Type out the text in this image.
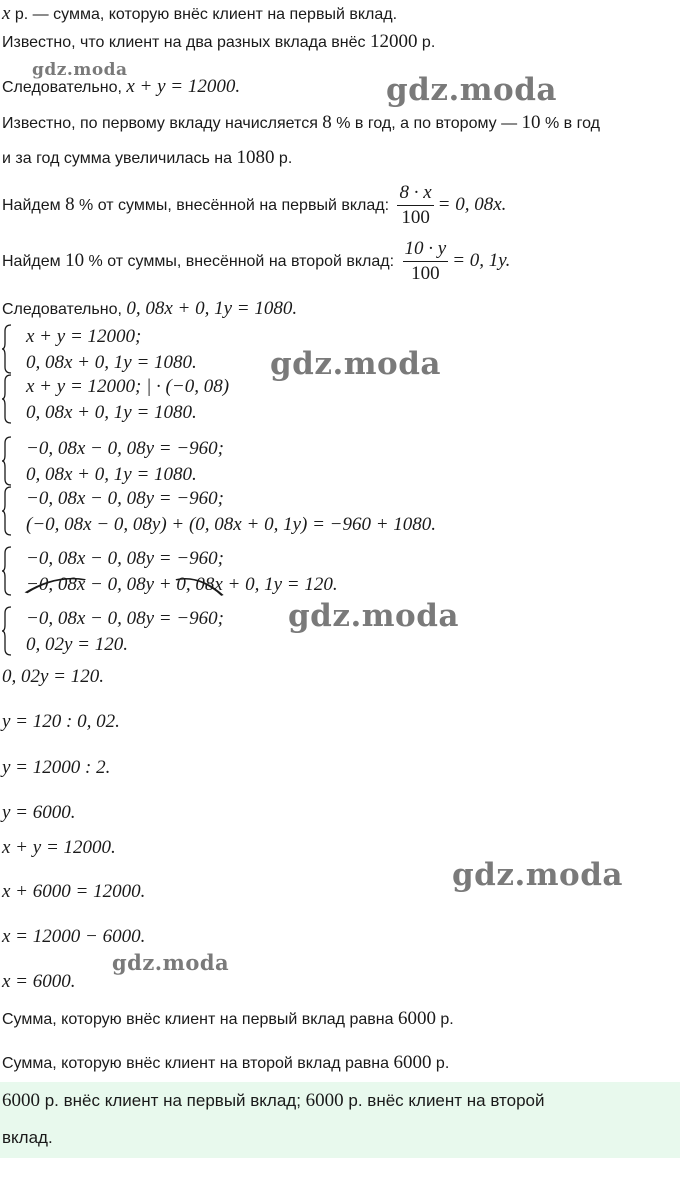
x р. — сумма, которую внёс клиент на первый вклад.
Известно, что клиент на два разных вклада внёс 12000 р.
Следовательно, x + y = 12000.
Известно, по первому вкладу начисляется 8 % в год, а по второму — 10 % в год
и за год сумма увеличилась на 1080 р.
Найдем 8 % от суммы, внесённой на первый вклад: $\frac{8 \cdot x}{100} = 0$, 08x.
Найдем 10 % от суммы, внесённой на второй вклад: $\frac{10 \cdot y}{100} = 0$, 1y.
Следовательно, 0, 08x + 0, 1y = 1080.
x + y = 12000;
0, 08x + 0, 1y = 1080.
x + y = 12000; | · (−0, 08)
0, 08x + 0, 1y = 1080.
−0, 08x − 0, 08y = −960;
0, 08x + 0, 1y = 1080.
−0, 08x − 0, 08y = −960;
(−0, 08x − 0, 08y) + (0, 08x + 0, 1y) = −960 + 1080.
−0, 08x − 0, 08y = −960;
−0, 08x
− 0, 08y + 0, 08x
+ 0, 1y = 120.
−0, 08x − 0, 08y = −960;
0, 02y = 120.
0, 02y = 120.
y = 120 : 0, 02.
y = 12000 : 2.
y = 6000.
x + y = 12000.
x + 6000 = 12000.
x = 12000 − 6000.
x = 6000.
Сумма, которую внёс клиент на первый вклад равна 6000 р.
Сумма, которую внёс клиент на второй вклад равна 6000 р.
6000 р. внёс клиент на первый вклад; 6000 р. внёс клиент на второй
вклад.
gdz.moda
gdz.moda
gdz.moda
gdz.moda
gdz.moda
gdz.moda
